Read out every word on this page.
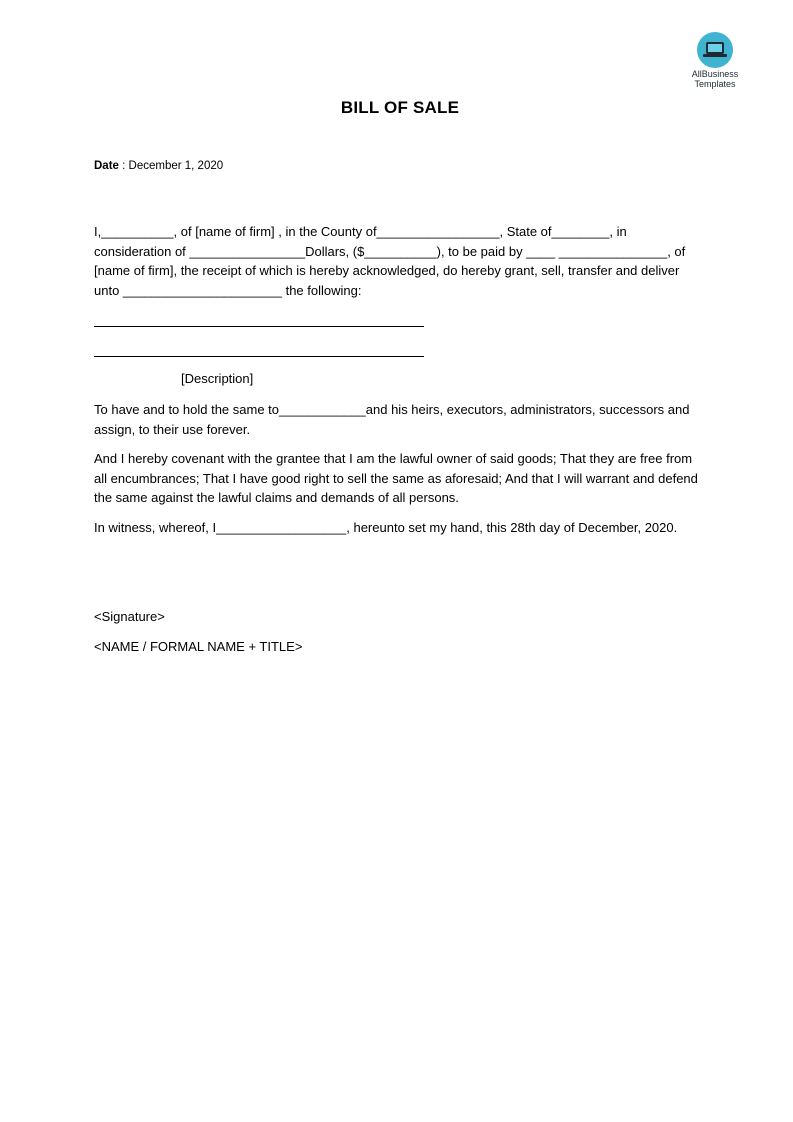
AllBusiness
Templates
BILL OF SALE
Date : December 1, 2020

I,__________, of [name of firm] , in the County of_________________, State of________, in consideration of ________________Dollars, ($__________), to be paid by ____ _______________, of [name of firm], the receipt of which is hereby acknowledged, do hereby grant, sell, transfer and deliver unto ______________________ the following:

[Description]

To have and to hold the same to____________and his heirs, executors, administrators, successors and assign, to their use forever.

And I hereby covenant with the grantee that I am the lawful owner of said goods; That they are free from all encumbrances; That I have good right to sell the same as aforesaid; And that I will warrant and defend the same against the lawful claims and demands of all persons.

In witness, whereof, I__________________, hereunto set my hand, this 28th day of December, 2020.

<Signature>
<NAME / FORMAL NAME + TITLE>
